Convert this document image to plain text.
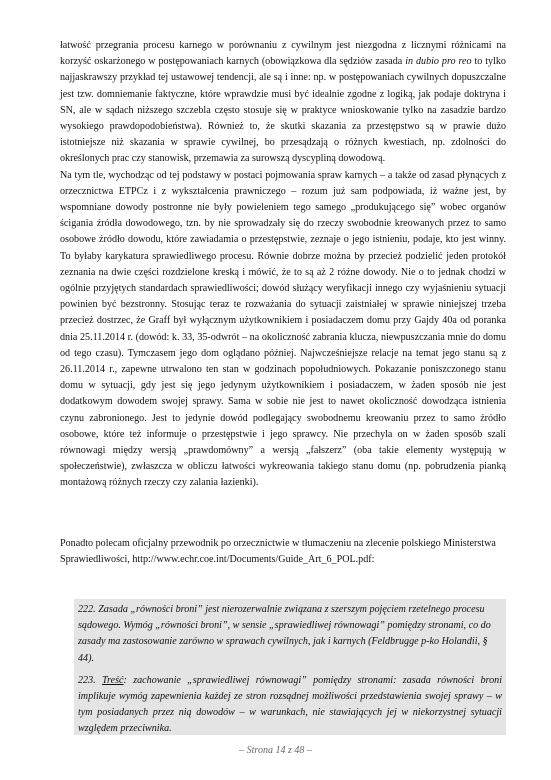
łatwość przegrania procesu karnego w porównaniu z cywilnym jest niezgodna z licznymi różnicami na korzyść oskarżonego w postępowaniach karnych (obowiązkowa dla sędziów zasada in dubio pro reo to tylko najjaskrawszy przykład tej ustawowej tendencji, ale są i inne: np. w postępowaniach cywilnych dopuszczalne jest tzw. domniemanie faktyczne, które wprawdzie musi być idealnie zgodne z logiką, jak podaje doktryna i SN, ale w sądach niższego szczebla często stosuje się w praktyce wnioskowanie tylko na zasadzie bardzo wysokiego prawdopodobieństwa). Również to, że skutki skazania za przestępstwo są w prawie dużo istotniejsze niż skazania w sprawie cywilnej, bo przesądzają o różnych kwestiach, np. zdolności do określonych prac czy stanowisk, przemawia za surowszą dyscypliną dowodową.

Na tym tle, wychodząc od tej podstawy w postaci pojmowania spraw karnych – a także od zasad płynących z orzecznictwa ETPCz i z wykształcenia prawniczego – rozum już sam podpowiada, iż ważne jest, by wspomniane dowody postronne nie były powieleniem tego samego „produkującego się” wobec organów ścigania źródła dowodowego, tzn. by nie sprowadzały się do rzeczy swobodnie kreowanych przez to samo osobowe źródło dowodu, które zawiadamia o przestępstwie, zeznaje o jego istnieniu, podaje, kto jest winny. To byłaby karykatura sprawiedliwego procesu. Równie dobrze można by przecież podzielić jeden protokół zeznania na dwie części rozdzielone kreską i mówić, że to są aż 2 różne dowody. Nie o to jednak chodzi w ogólnie przyjętych standardach sprawiedliwości; dowód służący weryfikacji innego czy wyjaśnieniu sytuacji powinien być bezstronny. Stosując teraz te rozważania do sytuacji zaistniałej w sprawie niniejszej trzeba przecież dostrzec, że Graff był wyłącznym użytkownikiem i posiadaczem domu przy Gajdy 40a od poranka dnia 25.11.2014 r. (dowód: k. 33, 35-odwrót – na okoliczność zabrania klucza, niewpuszczania mnie do domu od tego czasu). Tymczasem jego dom oglądano później. Najwcześniejsze relacje na temat jego stanu są z 26.11.2014 r., zapewne utrwalono ten stan w godzinach popołudniowych. Pokazanie poniszczonego stanu domu w sytuacji, gdy jest się jego jedynym użytkownikiem i posiadaczem, w żaden sposób nie jest dodatkowym dowodem swojej sprawy. Sama w sobie nie jest to nawet okoliczność dowodząca istnienia czynu zabronionego. Jest to jedynie dowód podlegający swobodnemu kreowaniu przez to samo źródło osobowe, które też informuje o przestępstwie i jego sprawcy. Nie przechyla on w żaden sposób szali równowagi między wersją „prawdomówny” a wersją „fałszerz” (oba takie elementy występują w społeczeństwie), zwłaszcza w obliczu łatwości wykreowania takiego stanu domu (np. pobrudzenia pianką montażową różnych rzeczy czy zalania łazienki).

Ponadto polecam oficjalny przewodnik po orzecznictwie w tłumaczeniu na zlecenie polskiego Ministerstwa Sprawiedliwości, http://www.echr.coe.int/Documents/Guide_Art_6_POL.pdf:

222. Zasada „równości broni” jest nierozerwalnie związana z szerszym pojęciem rzetelnego procesu sądowego. Wymóg „równości broni”, w sensie „sprawiedliwej równowagi” pomiędzy stronami, co do zasady ma zastosowanie zarówno w sprawach cywilnych, jak i karnych (Feldbrugge p-ko Holandii, § 44).

223. Treść: zachowanie „sprawiedliwej równowagi” pomiędzy stronami: zasada równości broni implikuje wymóg zapewnienia każdej ze stron rozsądnej możliwości przedstawienia swojej sprawy – w tym posiadanych przez nią dowodów – w warunkach, nie stawiających jej w niekorzystnej sytuacji względem przeciwnika.

– Strona 14 z 48 –
